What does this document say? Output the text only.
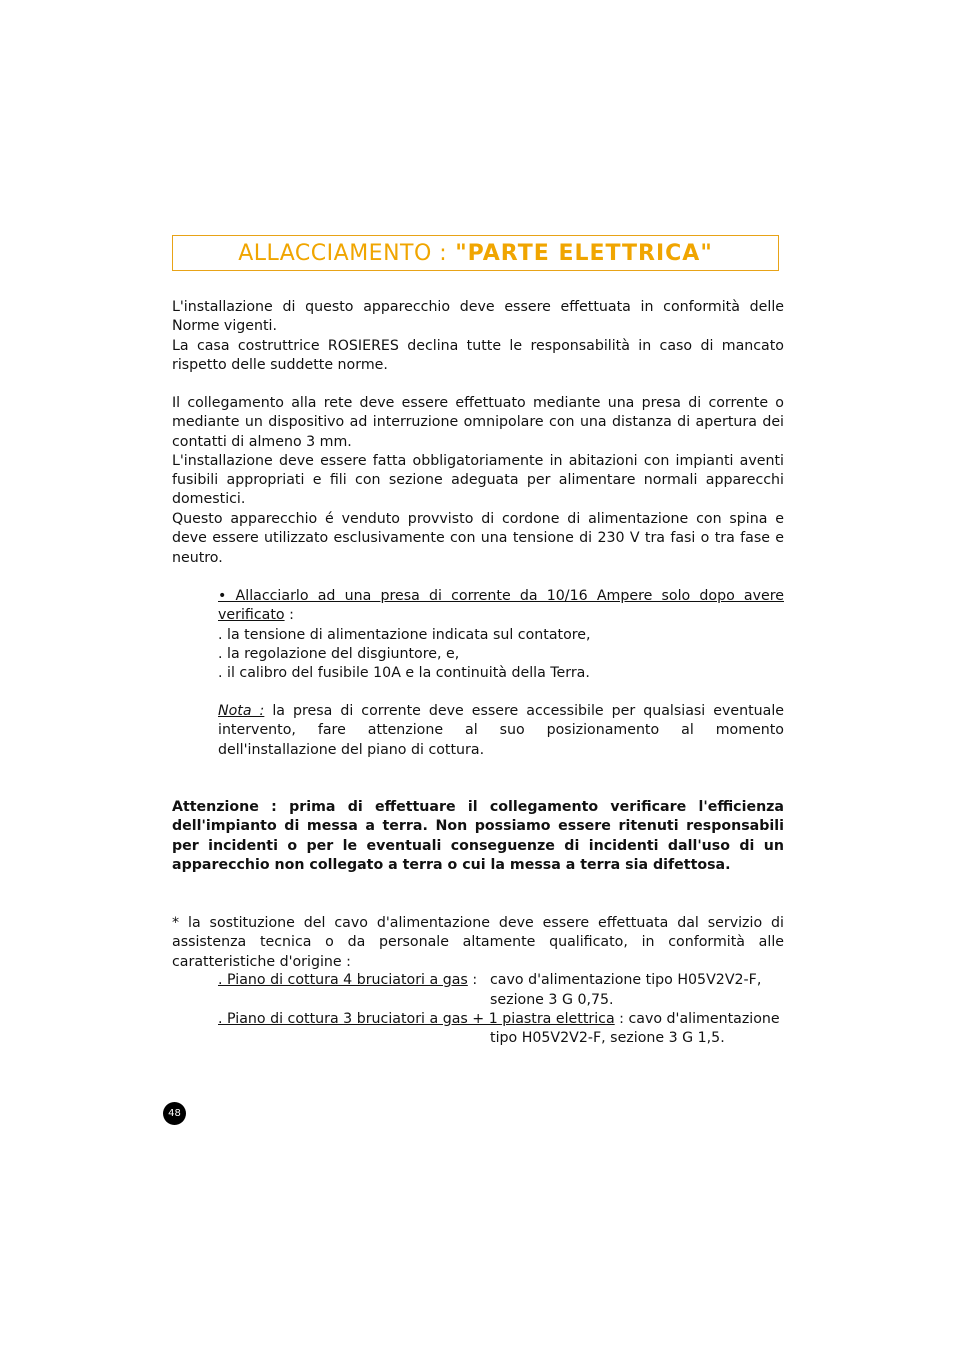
ALLACCIAMENTO : "PARTE ELETTRICA"
L'installazione di questo apparecchio deve essere effettuata in conformità delle Norme vigenti.
La casa costruttrice ROSIERES declina tutte le responsabilità in caso di mancato rispetto delle suddette norme.
Il collegamento alla rete deve essere effettuato mediante una presa di corrente o mediante un dispositivo ad interruzione omnipolare con una distanza di apertura dei contatti di almeno 3 mm.
L'installazione deve essere fatta obbligatoriamente in abitazioni con impianti aventi fusibili appropriati e fili con sezione adeguata per alimentare normali apparecchi domestici.
Questo apparecchio é venduto provvisto di cordone di alimentazione con spina e deve essere utilizzato esclusivamente con una tensione di 230 V tra fasi o tra fase e neutro.
• Allacciarlo ad una presa di corrente da 10/16 Ampere solo dopo avere verificato :
. la tensione di alimentazione indicata sul contatore,
. la regolazione del disgiuntore, e,
. il calibro del fusibile 10A e la continuità della Terra.
Nota : la presa di corrente deve essere accessibile per qualsiasi eventuale intervento, fare attenzione al suo posizionamento al momento dell'installazione del piano di cottura.
Attenzione : prima di effettuare il collegamento verificare l'efficienza dell'impianto di messa a terra. Non possiamo essere ritenuti responsabili per incidenti o per le eventuali conseguenze di incidenti dall'uso di un apparecchio non collegato a terra o cui la messa a terra sia difettosa.
* la sostituzione del cavo d'alimentazione deve essere effettuata dal servizio di assistenza tecnica o da personale altamente qualificato, in conformità alle caratteristiche d'origine :
. Piano di cottura 4 bruciatori a gas : cavo d'alimentazione tipo H05V2V2-F,
sezione 3 G 0,75.
. Piano di cottura 3 bruciatori a gas + 1 piastra elettrica : cavo d'alimentazione
tipo H05V2V2-F, sezione 3 G 1,5.
48
